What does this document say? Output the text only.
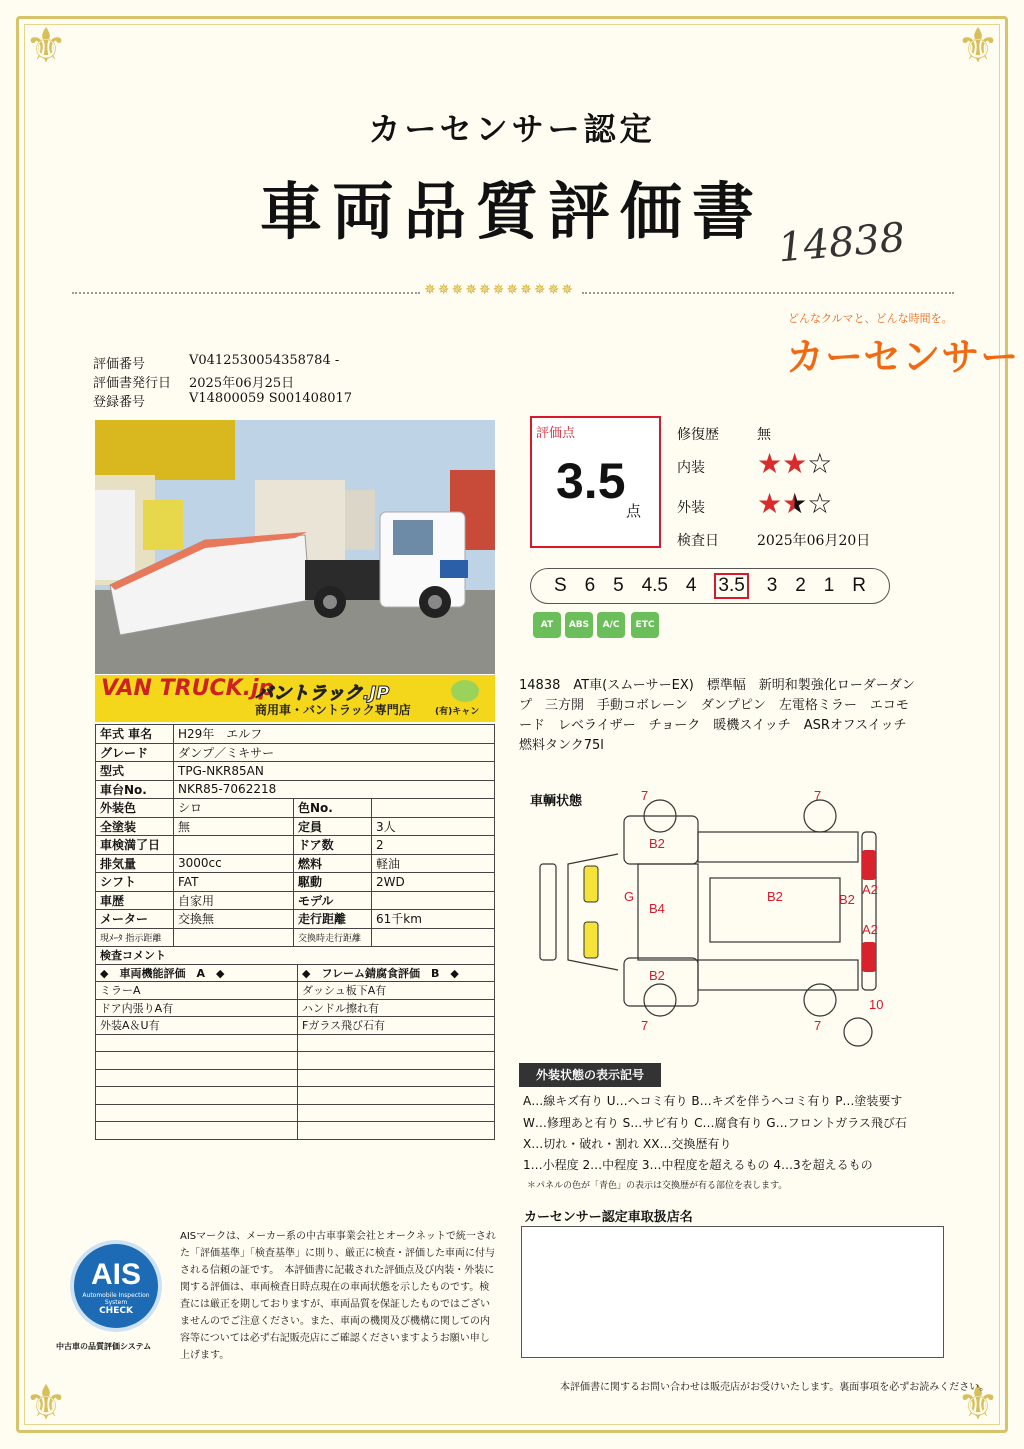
⚜	⚜
⚜	⚜
カーセンサー認定
車両品質評価書 14838
✵✵✵✵✵✵✵✵✵✵✵
どんなクルマと、どんな時間を。
カーセンサー
評価番号	V0412530054358784 -
評価書発行日 2025年06月25日
登録番号	V14800059 S001408017
VAN TRUCK.jp
バントラック.JP
商用車・バントラック専門店	(有)キャン
年式 車名	H29年　エルフ		
グレード	ダンプ／ミキサー		
型式	TPG-NKR85AN		
車台No.	NKR85-7062218		
外装色	シロ	色No.	
全塗装	無	定員	3人
車検満了日		ドア数	2
排気量	3000cc	燃料	軽油
シフト	FAT	駆動	2WD
車歴	自家用	モデル	
メーター	交換無	走行距離	61千km
現ﾒｰﾀ 指示距離		交換時走行距離	
検査コメント	
◆　車両機能評価　A　◆	◆　フレーム錆腐食評価　B　◆
ミラーA	ダッシュ板下A有
ドア内張りA有	ハンドル擦れ有
外装A＆U有	Fガラス飛び石有

評価点
3.5
点
修復歴	無
内装 ★★☆
外装 ★★☆
検査日	2025年06月20日
S 6 5 4.5 4 3.5 3 2 1 R
AT	ABS	A/C	ETC
14838　AT車(スムーサーEX)　標準幅　新明和製強化ローダーダンプ　三方開　手動コボレーン　ダンプピン　左電格ミラー　エコモード　レベライザー　チョーク　暖機スイッチ　ASRオフスイッチ　燃料タンク75l
車輌状態	7	7
7	7
10
B2
B2
B2	B2
B4
G	A2
A2
外装状態の表示記号
A…線キズ有り U…ヘコミ有り B…キズを伴うヘコミ有り P…塗装要す
W…修理あと有り S…サビ有り C…腐食有り G…フロントガラス飛び石
X…切れ・破れ・割れ XX…交換歴有り
1…小程度 2…中程度 3…中程度を超えるもの 4…3を超えるもの
＊パネルの色が「青色」の表示は交換歴が有る部位を表します。
カーセンサー認定車取扱店名
AIS
Automobile Inspection System
CHECK
中古車の品質評価システム
AISマークは、メーカー系の中古車事業会社とオークネットで統一された「評価基準」「検査基準」に則り、厳正に検査・評価した車両に付与される信頼の証です。　本評価書に記載された評価点及び内装・外装に関する評価は、車両検査日時点現在の車両状態を示したものです。検査には厳正を期しておりますが、車両品質を保証したものではございませんのでご注意ください。また、車両の機関及び機構に関しての内容等については必ず右記販売店にご確認くださいますようお願い申し上げます。
本評価書に関するお問い合わせは販売店がお受けいたします。裏面事項を必ずお読みください。
